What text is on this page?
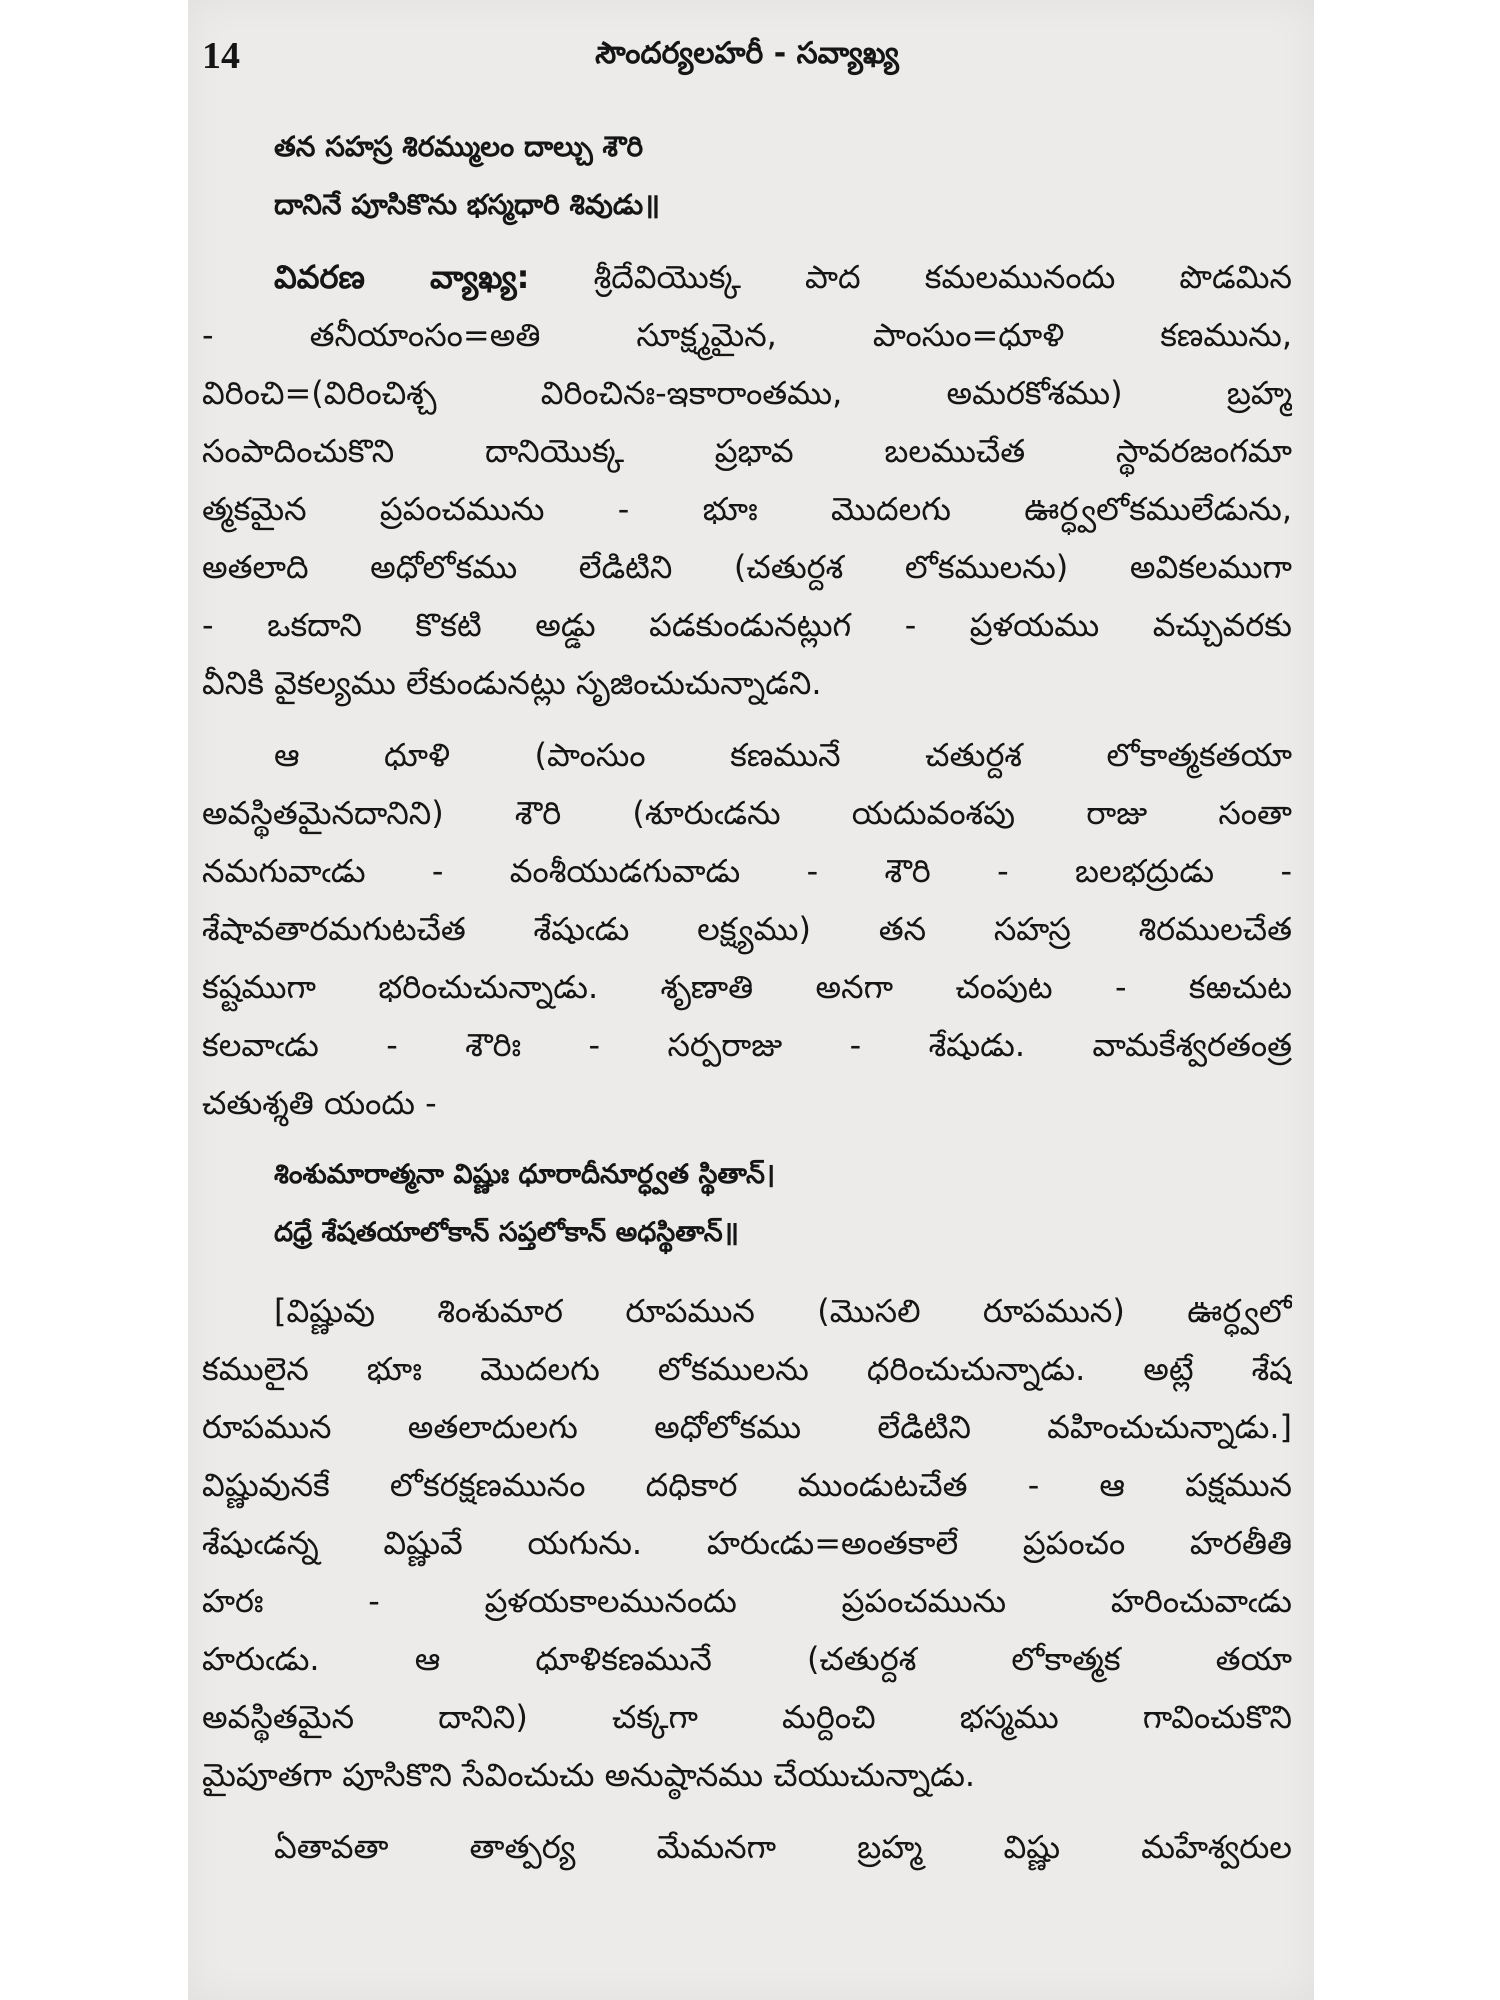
14	సౌందర్యలహరీ - సవ్యాఖ్య
తన సహస్ర శిరమ్ములం దాల్చు శౌరి
దానినే పూసికొను భస్మధారి శివుడు॥
వివరణ వ్యాఖ్య: శ్రీదేవియొక్క పాద కమలమునందు పొడమిన
- తనీయాంసం=అతి సూక్ష్మమైన, పాంసుం=ధూళి కణమును,
విరించి=(విరించిశ్చ విరించినః-ఇకారాంతము, అమరకోశము) బ్రహ్మ
సంపాదించుకొని దానియొక్క ప్రభావ బలముచేత స్థావరజంగమా
త్మకమైన ప్రపంచమును - భూః మొదలగు ఊర్ధ్వలోకములేడును,
అతలాది అధోలోకము లేడిటిని (చతుర్దశ లోకములను) అవికలముగా
- ఒకదాని కొకటి అడ్డు పడకుండునట్లుగ - ప్రళయము వచ్చువరకు
వీనికి వైకల్యము లేకుండునట్లు సృజించుచున్నాడని.
ఆ ధూళి (పాంసుం కణమునే చతుర్దశ లోకాత్మకతయా
అవస్థితమైనదానిని) శౌరి (శూరుఁడను యదువంశపు రాజు సంతా
నమగువాఁడు - వంశీయుడగువాడు - శౌరి - బలభద్రుడు -
శేషావతారమగుటచేత శేషుఁడు లక్ష్యము) తన సహస్ర శిరములచేత
కష్టముగా భరించుచున్నాడు. శృణాతి అనగా చంపుట - కఱచుట
కలవాఁడు - శౌరిః - సర్పరాజు - శేషుడు. వామకేశ్వరతంత్ర
చతుశ్శతి యందు -
శింశుమారాత్మనా విష్ణుః ధూరాదీనూర్ధ్వత స్థితాన్।
దధ్రే శేషతయాలోకాన్ సప్తలోకాన్ అధస్థితాన్॥
[విష్ణువు శింశుమార రూపమున (మొసలి రూపమున) ఊర్ధ్వలో
కములైన భూః మొదలగు లోకములను ధరించుచున్నాడు. అట్లే శేష
రూపమున అతలాదులగు అధోలోకము లేడిటిని వహించుచున్నాడు.]
విష్ణువునకే లోకరక్షణమునం దధికార ముండుటచేత - ఆ పక్షమున
శేషుఁడన్న విష్ణువే యగును. హరుఁడు=అంతకాలే ప్రపంచం హరతీతి
హరః - ప్రళయకాలమునందు ప్రపంచమును హరించువాఁడు
హరుఁడు. ఆ ధూళికణమునే (చతుర్దశ లోకాత్మక తయా
అవస్థితమైన దానిని) చక్కగా మర్దించి భస్మము గావించుకొని
మైపూతగా పూసికొని సేవించుచు అనుష్ఠానము చేయుచున్నాడు.
ఏతావతా తాత్పర్య మేమనగా బ్రహ్మ విష్ణు మహేశ్వరుల
